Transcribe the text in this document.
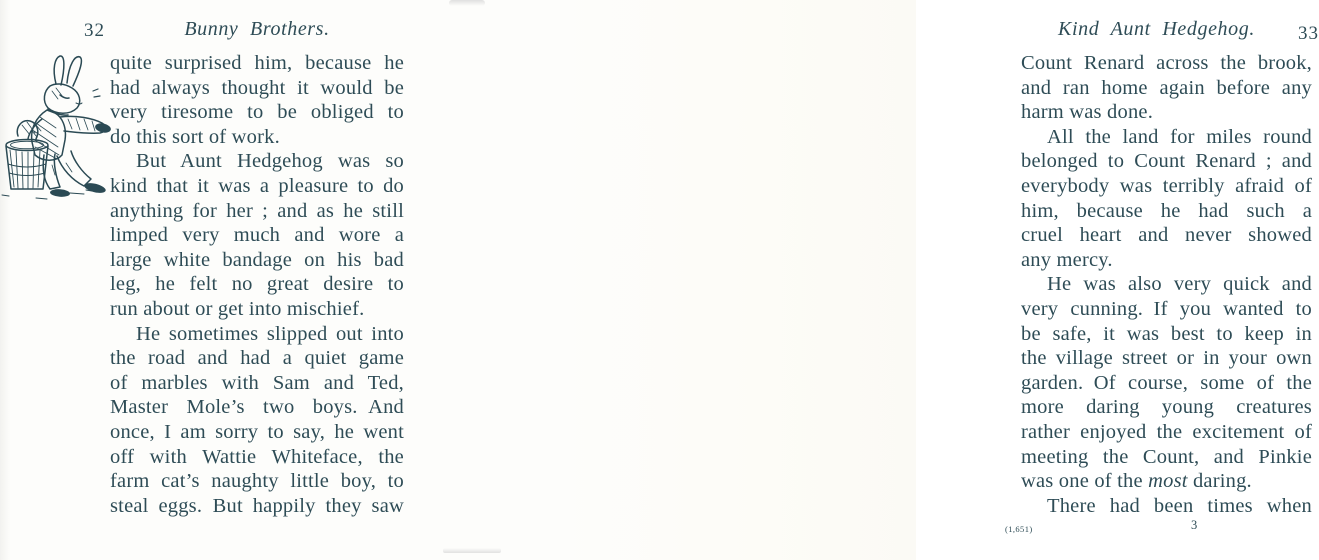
32	Bunny Brothers.
quite surprised him, because he
had always thought it would be
very tiresome to be obliged to
do this sort of work.
But Aunt Hedgehog was so
kind that it was a pleasure to do
anything for her ; and as he still
limped very much and wore a
large white bandage on his bad
leg, he felt no great desire to
run about or get into mischief.
He sometimes slipped out into
the road and had a quiet game
of marbles with Sam and Ted,
Master Mole’s two boys. And
once, I am sorry to say, he went
off with Wattie Whiteface, the
farm cat’s naughty little boy, to
steal eggs. But happily they saw
Kind Aunt Hedgehog.	33
Count Renard across the brook,
and ran home again before any
harm was done.
All the land for miles round
belonged to Count Renard ; and
everybody was terribly afraid of
him, because he had such a
cruel heart and never showed
any mercy.
He was also very quick and
very cunning. If you wanted to
be safe, it was best to keep in
the village street or in your own
garden. Of course, some of the
more daring young creatures
rather enjoyed the excitement of
meeting the Count, and Pinkie
was one of the most daring.
There had been times when
(1,651)	3
